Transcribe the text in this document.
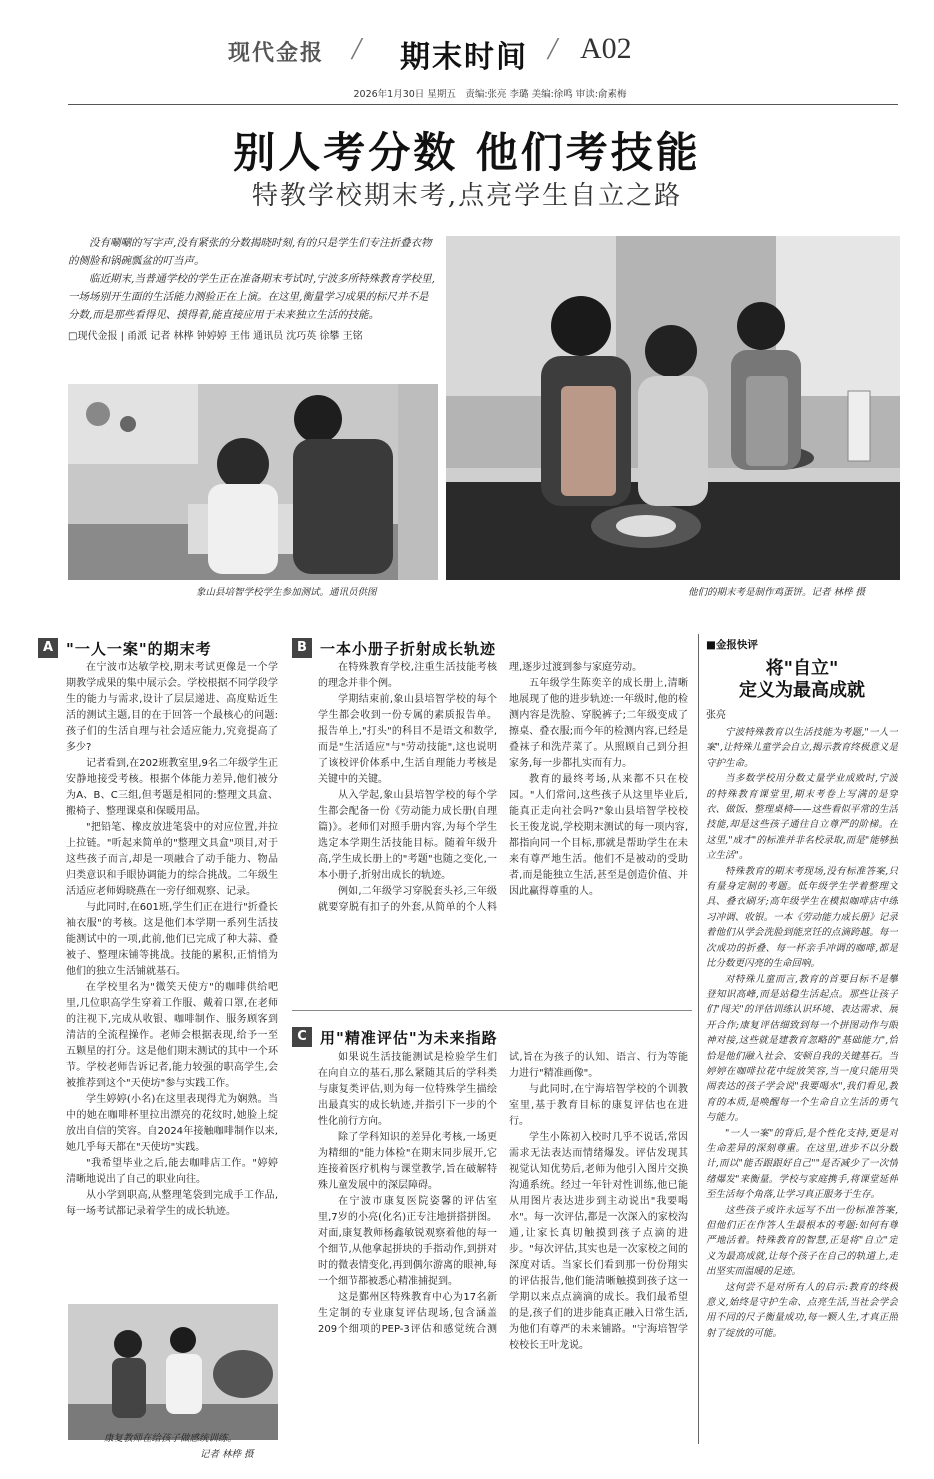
现代金报 / 期末时间 / A02
2026年1月30日 星期五　责编:张亮 李璐 美编:徐鸣 审读:俞素梅
别人考分数 他们考技能
特教学校期末考,点亮学生自立之路

没有唰唰的写字声,没有紧张的分数揭晓时刻,有的只是学生们专注折叠衣物的侧脸和锅碗瓢盆的叮当声。

临近期末,当普通学校的学生正在准备期末考试时,宁波多所特殊教育学校里,一场场别开生面的生活能力测验正在上演。在这里,衡量学习成果的标尺并不是分数,而是那些看得见、摸得着,能直接应用于未来独立生活的技能。

□现代金报 | 甬派 记者 林桦 钟婷婷 王伟 通讯员 沈巧英 徐攀 王铭

他们的期末考是制作鸡蛋饼。记者 林桦 摄
象山县培智学校学生参加测试。通讯员供图
A "一人一案"的期末考

在宁波市达敏学校,期末考试更像是一个学期教学成果的集中展示会。学校根据不同学段学生的能力与需求,设计了层层递进、高度贴近生活的测试主题,目的在于回答一个最核心的问题:孩子们的生活自理与社会适应能力,究竟提高了多少?

记者看到,在202班教室里,9名二年级学生正安静地接受考核。根据个体能力差异,他们被分为A、B、C三组,但考题是相同的:整理文具盒、搬椅子、整理课桌和保暖用品。

"把铅笔、橡皮放进笔袋中的对应位置,并拉上拉链。"听起来简单的"整理文具盒"项目,对于这些孩子而言,却是一项融合了动手能力、物品归类意识和手眼协调能力的综合挑战。二年级生活适应老师姆晓燕在一旁仔细观察、记录。

与此同时,在601班,学生们正在进行"折叠长袖衣服"的考核。这是他们本学期一系列生活技能测试中的一项,此前,他们已完成了种大蒜、叠被子、整理床铺等挑战。技能的累积,正悄悄为他们的独立生活铺就基石。

在学校里名为"微笑天使方"的咖啡供给吧里,几位职高学生穿着工作服、戴着口罩,在老师的注视下,完成从收银、咖啡制作、服务顾客到清洁的全流程操作。老师会根据表现,给予一至五颗星的打分。这是他们期末测试的其中一个环节。学校老师告诉记者,能力较强的职高学生,会被推荐到这个"天使坊"参与实践工作。

学生婷婷(小名)在这里表现得尤为娴熟。当中的她在咖啡杯里拉出漂亮的花纹时,她脸上绽放出自信的笑容。自2024年接触咖啡制作以来,她几乎每天都在"天使坊"实践。

"我希望毕业之后,能去咖啡店工作。"婷婷清晰地说出了自己的职业向往。

从小学到职高,从整理笔袋到完成手工作品,每一场考试都记录着学生的成长轨迹。

康复教师在给孩子做感统训练。
记者 林桦 摄
B 一本小册子折射成长轨迹

在特殊教育学校,注重生活技能考核的理念并非个例。

学期结束前,象山县培智学校的每个学生都会收到一份专属的素质报告单。报告单上,"打头"的科目不是语文和数学,而是"生活适应"与"劳动技能",这也说明了该校评价体系中,生活自理能力考核是关键中的关键。

从入学起,象山县培智学校的每个学生都会配备一份《劳动能力成长册(自理篇)》。老师们对照手册内容,为每个学生选定本学期生活技能目标。随着年级升高,学生成长册上的"考题"也随之变化,一本小册子,折射出成长的轨迹。

例如,二年级学习穿脱套头衫,三年级就要穿脱有扣子的外套,从简单的个人料理,逐步过渡到参与家庭劳动。

五年级学生陈奕辛的成长册上,清晰地展现了他的进步轨迹:一年级时,他的检测内容是洗脸、穿脱裤子;二年级变成了擦桌、叠衣服;而今年的检测内容,已经是叠袜子和洗芹菜了。从照顾自己到分担家务,每一步都扎实而有力。

教育的最终考场,从来都不只在校园。"人们常问,这些孩子从这里毕业后,能真正走向社会吗?"象山县培智学校校长王俊龙说,学校期末测试的每一项内容,都指向同一个目标,那就是帮助学生在未来有尊严地生活。他们不是被动的受助者,而是能独立生活,甚至是创造价值、并因此赢得尊重的人。

C 用"精准评估"为未来指路

如果说生活技能测试是检验学生们在向自立的基石,那么紧随其后的学科类与康复类评估,则为每一位特殊学生描绘出最真实的成长轨迹,并指引下一步的个性化前行方向。

除了学科知识的差异化考核,一场更为精细的"能力体检"在期末同步展开,它连接着医疗机构与课堂教学,旨在破解特殊儿童发展中的深层障碍。

在宁波市康复医院姿馨的评估室里,7岁的小亮(化名)正专注地拼搭拼图。对面,康复教师杨鑫敏锐观察着他的每一个细节,从他拿起拼块的手指动作,到拼对时的微表情变化,再到偶尔游离的眼神,每一个细节都被悉心精准捕捉到。

这是鄞州区特殊教育中心为17名新生定制的专业康复评估现场,包含涵盖209个细项的PEP-3评估和感觉统合测试,旨在为孩子的认知、语言、行为等能力进行"精准画像"。

与此同时,在宁海培智学校的个训教室里,基于教育目标的康复评估也在进行。

学生小陈初入校时几乎不说话,常因需求无法表达而情绪爆发。评估发现其视觉认知优势后,老师为他引入图片交换沟通系统。经过一年针对性训练,他已能从用图片表达进步到主动说出"我要喝水"。每一次评估,都是一次深入的家校沟通,让家长真切触摸到孩子点滴的进步。"每次评估,其实也是一次家校之间的深度对话。当家长们看到那一份份翔实的评估报告,他们能清晰触摸到孩子这一学期以来点点滴滴的成长。我们最希望的是,孩子们的进步能真正融入日常生活,为他们有尊严的未来铺路。"宁海培智学校校长王叶龙说。

■金报快评
将"自立"
定义为最高成就
张亮

宁波特殊教育以生活技能为考题,"一人一案",让特殊儿童学会自立,揭示教育终极意义是守护生命。

当多数学校用分数丈量学业成败时,宁波的特殊教育课堂里,期末考卷上写满的是穿衣、做饭、整理桌椅——这些看似平常的生活技能,却是这些孩子通往自立尊严的阶梯。在这里,"成才"的标准并非名校录取,而是"能够独立生活"。

特殊教育的期末考现场,没有标准答案,只有量身定制的考题。低年级学生学着整理文具、叠衣刷牙;高年级学生在模拟咖啡店中练习冲调、收银。一本《劳动能力成长册》记录着他们从学会洗脸到能烹饪的点滴跨越。每一次成功的折叠、每一杯亲手冲调的咖啡,都是比分数更闪亮的生命回响。

对特殊儿童而言,教育的首要目标不是攀登知识高峰,而是站稳生活起点。那些让孩子们"闯关"的评估训练认识环境、表达需求、展开合作;康复评估细致到每一个拼图动作与眼神对接,这些就是建教育忽略的"基础能力",恰恰是他们融入社会、安顿自我的关键基石。当婷婷在咖啡拉花中绽放笑容,当一度只能用哭闹表达的孩子学会说"我要喝水",我们看见,教育的本质,是唤醒每一个生命自立生活的勇气与能力。

"一人一案"的背后,是个性化支持,更是对生命差异的深刻尊重。在这里,进步不以分数计,而以"能否跟跟好自己""是否减少了一次情绪爆发"来衡量。学校与家庭携手,将课堂延伸至生活每个角落,让学习真正服务于生存。

这些孩子或许永远写不出一份标准答案,但他们正在作答人生最根本的考题:如何有尊严地活着。特殊教育的智慧,正是将"自立"定义为最高成就,让每个孩子在自己的轨道上,走出坚实而温暖的足迹。

这何尝不是对所有人的启示:教育的终极意义,始终是守护生命、点亮生活,当社会学会用不同的尺子衡量成功,每一颗人生,才真正照射了绽放的可能。
